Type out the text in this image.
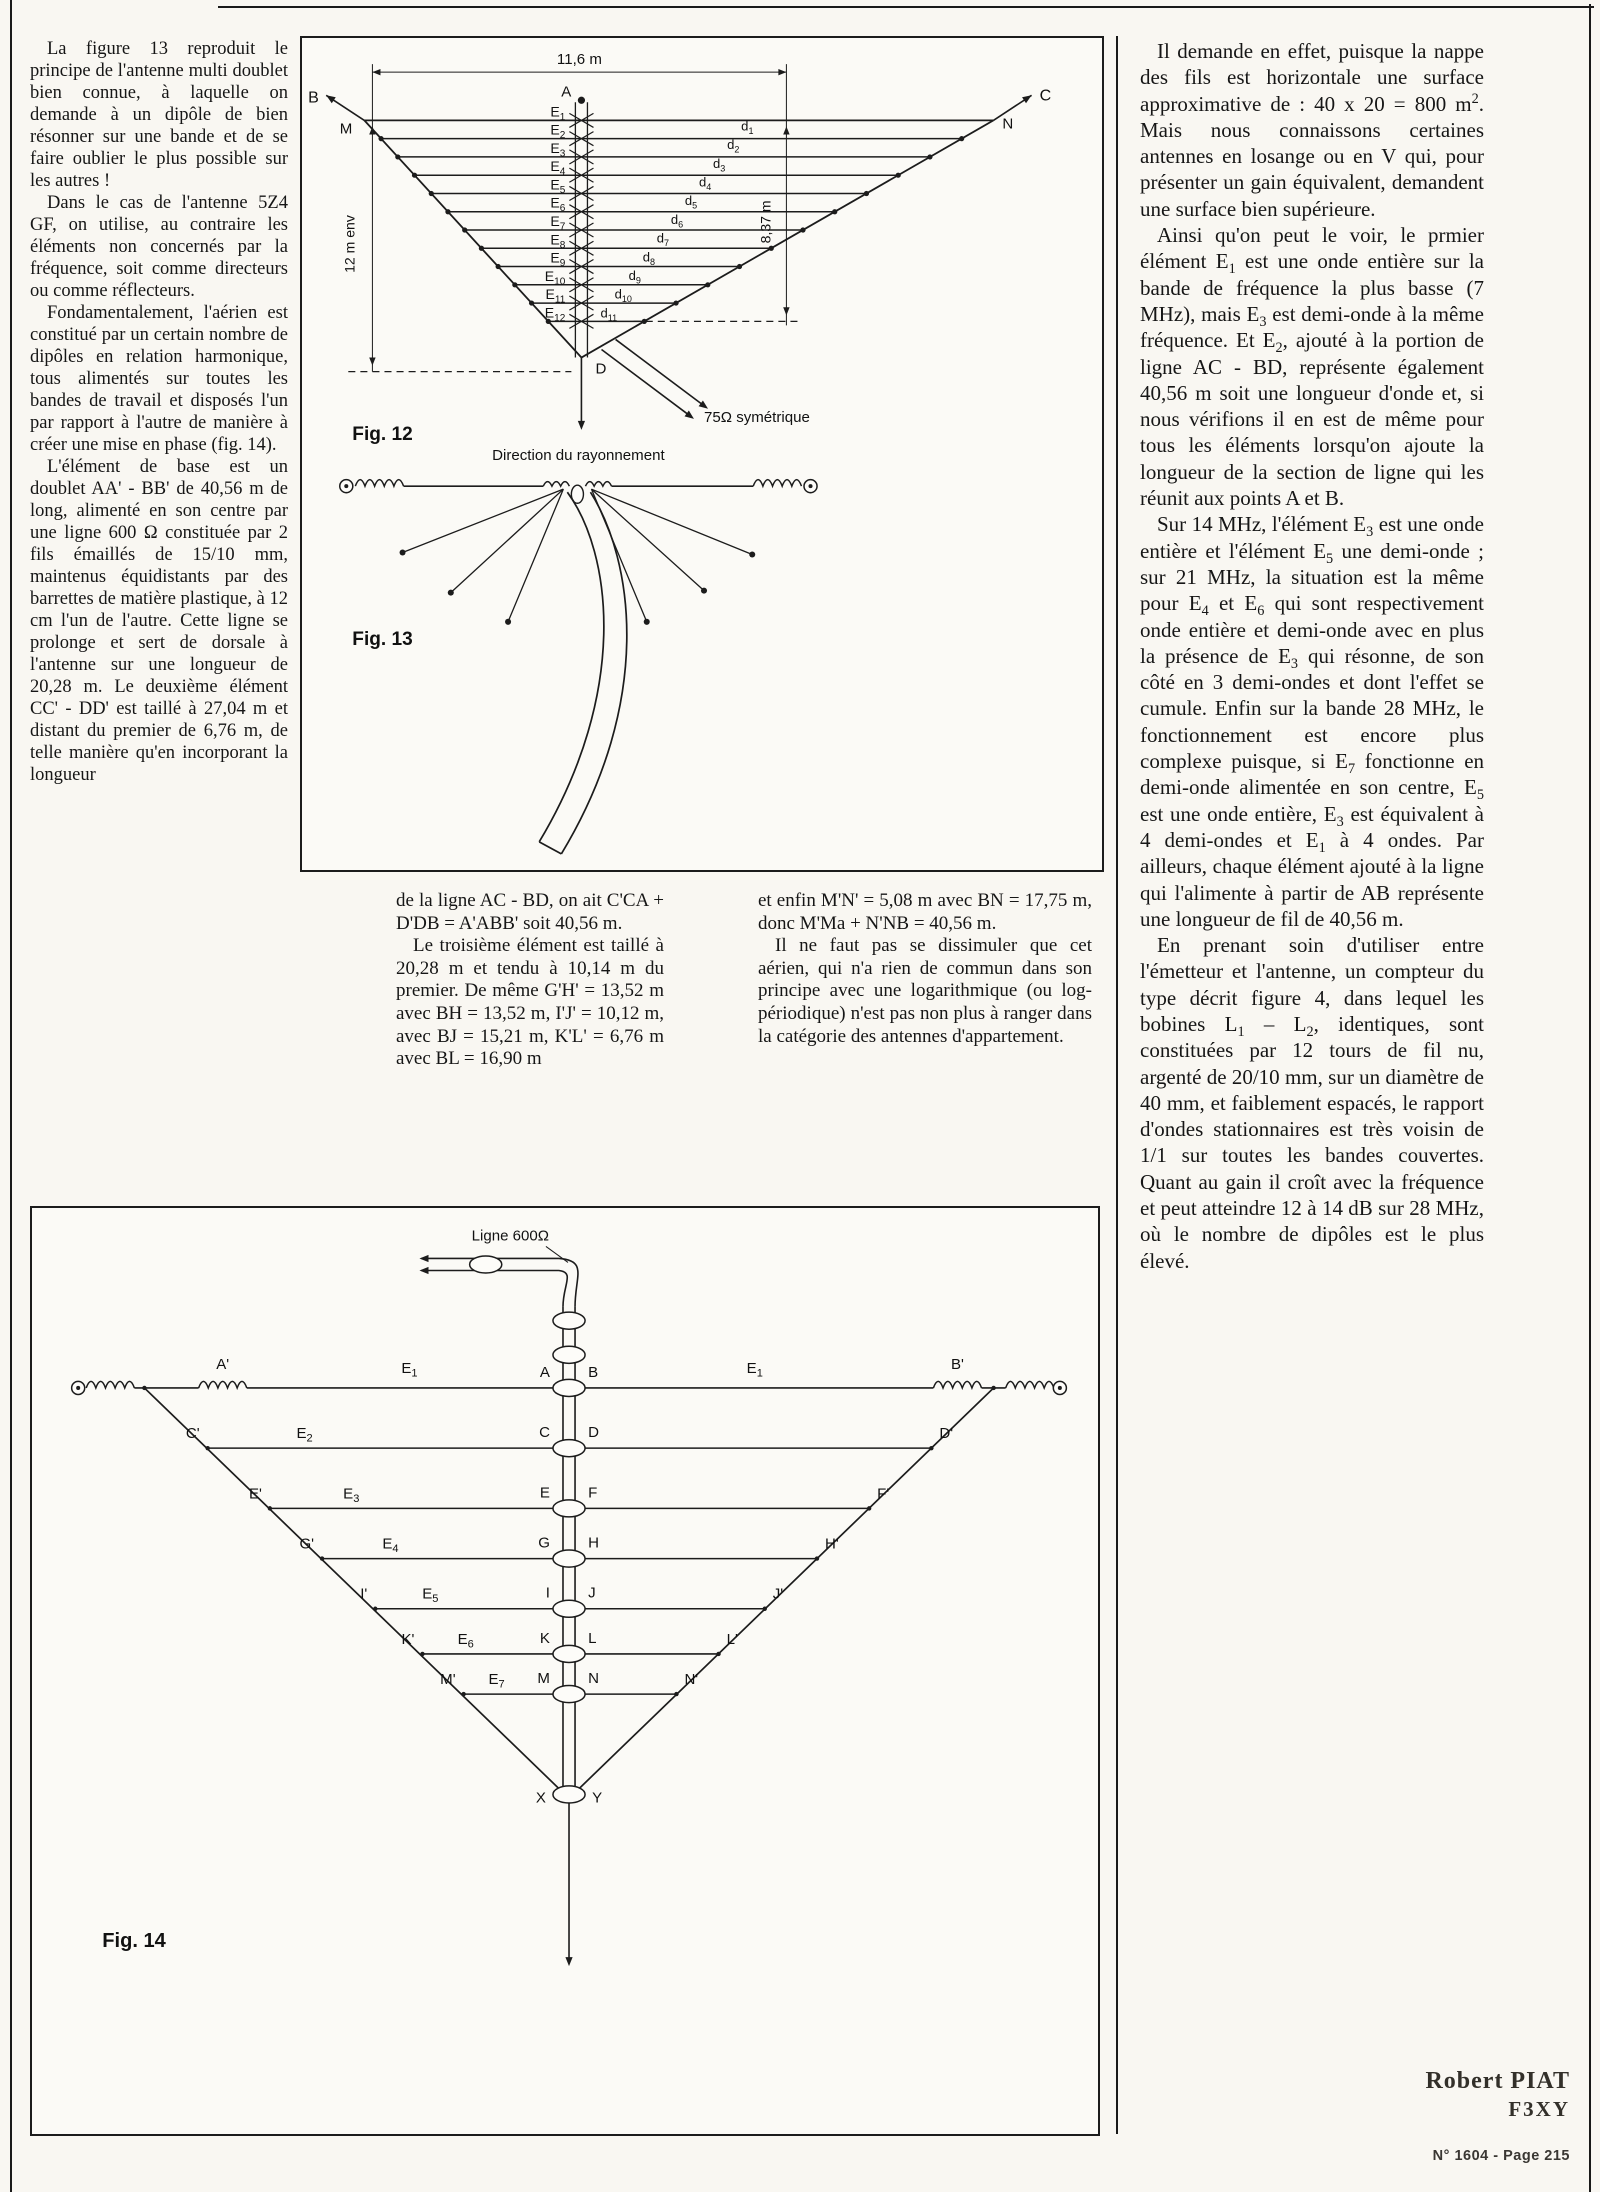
La figure 13 reproduit le principe de l'antenne multi doublet bien connue, à laquelle on demande à un dipôle de bien résonner sur une bande et de se faire oublier le plus possible sur les autres !

Dans le cas de l'antenne 5Z4 GF, on utilise, au contraire les éléments non concernés par la fréquence, soit comme directeurs ou comme réflecteurs.

Fondamentalement, l'aérien est constitué par un certain nombre de dipôles en relation harmonique, tous alimentés sur toutes les bandes de travail et disposés l'un par rapport à l'autre de manière à créer une mise en phase (fig. 14).

L'élément de base est un doublet AA' - BB' de 40,56 m de long, alimenté en son centre par une ligne 600 Ω constituée par 2 fils émaillés de 15/10 mm, maintenus équidistants par des barrettes de matière plastique, à 12 cm l'un de l'autre. Cette ligne se prolonge et sert de dorsale à l'antenne sur une longueur de 20,28 m. Le deuxième élément CC' - DD' est taillé à 27,04 m et distant du premier de 6,76 m, de telle manière qu'en incorporant la longueur

B	C
M	N
A
$E_1$
$E_2$
$E_3$
$E_4$
$E_5$
$E_6$
$E_7$
$E_8$
$E_9$
$E_{10}$
$E_{11}$
$E_{12}$
$d_1$
$d_2$
$d_3$
$d_4$
$d_5$
$d_6$
$d_7$
$d_8$
$d_9$
$d_{10}$
$d_{11}$
11,6 m
12 m env	8,37 m
D
75Ω symétrique
Fig. 12
Direction du rayonnement
Fig. 13

de la ligne AC - BD, on ait C'CA + D'DB = A'ABB' soit 40,56 m.

Le troisième élément est taillé à 20,28 m et tendu à 10,14 m du premier. De même G'H' = 13,52 m avec BH = 13,52 m, I'J' = 10,12 m, avec BJ = 15,21 m, K'L' = 6,76 m avec BL = 16,90 m

et enfin M'N' = 5,08 m avec BN = 17,75 m, donc M'Ma + N'NB = 40,56 m.

Il ne faut pas se dissimuler que cet aérien, qui n'a rien de commun dans son principe avec une logarithmique (ou log-périodique) n'est pas non plus à ranger dans la catégorie des antennes d'appartement.

Il demande en effet, puisque la nappe des fils est horizontale une surface approximative de : 40 x 20 = 800 $m^2$. Mais nous connaissons certaines antennes en losange ou en V qui, pour présenter un gain équivalent, demandent une surface bien supérieure.

Ainsi qu'on peut le voir, le prmier élément $E_1$ est une onde entière sur la bande de fréquence la plus basse (7 MHz), mais $E_3$ est demi-onde à la même fréquence. Et $E_2$, ajouté à la portion de ligne AC - BD, représente également 40,56 m soit une longueur d'onde et, si nous vérifions il en est de même pour tous les éléments lorsqu'on ajoute la longueur de la section de ligne qui les réunit aux points A et B.

Sur 14 MHz, l'élément $E_3$ est une onde entière et l'élément $E_5$ une demi-onde ; sur 21 MHz, la situation est la même pour $E_4$ et $E_6$ qui sont respectivement onde entière et demi-onde avec en plus la présence de $E_3$ qui résonne, de son côté en 3 demi-ondes et dont l'effet se cumule. Enfin sur la bande 28 MHz, le fonctionnement est encore plus complexe puisque, si $E_7$ fonctionne en demi-onde alimentée en son centre, $E_5$ est une onde entière, $E_3$ est équivalent à 4 demi-ondes et $E_1$ à 4 ondes. Par ailleurs, chaque élément ajouté à la ligne qui l'alimente à partir de AB représente une longueur de fil de 40,56 m.

En prenant soin d'utiliser entre l'émetteur et l'antenne, un compteur du type décrit figure 4, dans lequel les bobines $L_1 - L_2$, identiques, sont constituées par 12 tours de fil nu, argenté de 20/10 mm, sur un diamètre de 40 mm, et faiblement espacés, le rapport d'ondes stationnaires est très voisin de 1/1 sur toutes les bandes couvertes. Quant au gain il croît avec la fréquence et peut atteindre 12 à 14 dB sur 28 MHz, où le nombre de dipôles est le plus élevé.

Ligne 600Ω
A'	B'
$E_1$	$E_1$
C'	D'
$E_2$
E'	F'
$E_3$
G'	H'
$E_4$
I'	J'
$E_5$
K'	L'
$E_6$
M'	N'
$E_7$
A	B
C	D
E	F
G	H
I	J
K	L
M	N
X	Y
Fig. 14
Robert PIAT
F3XY
N° 1604 - Page 215
